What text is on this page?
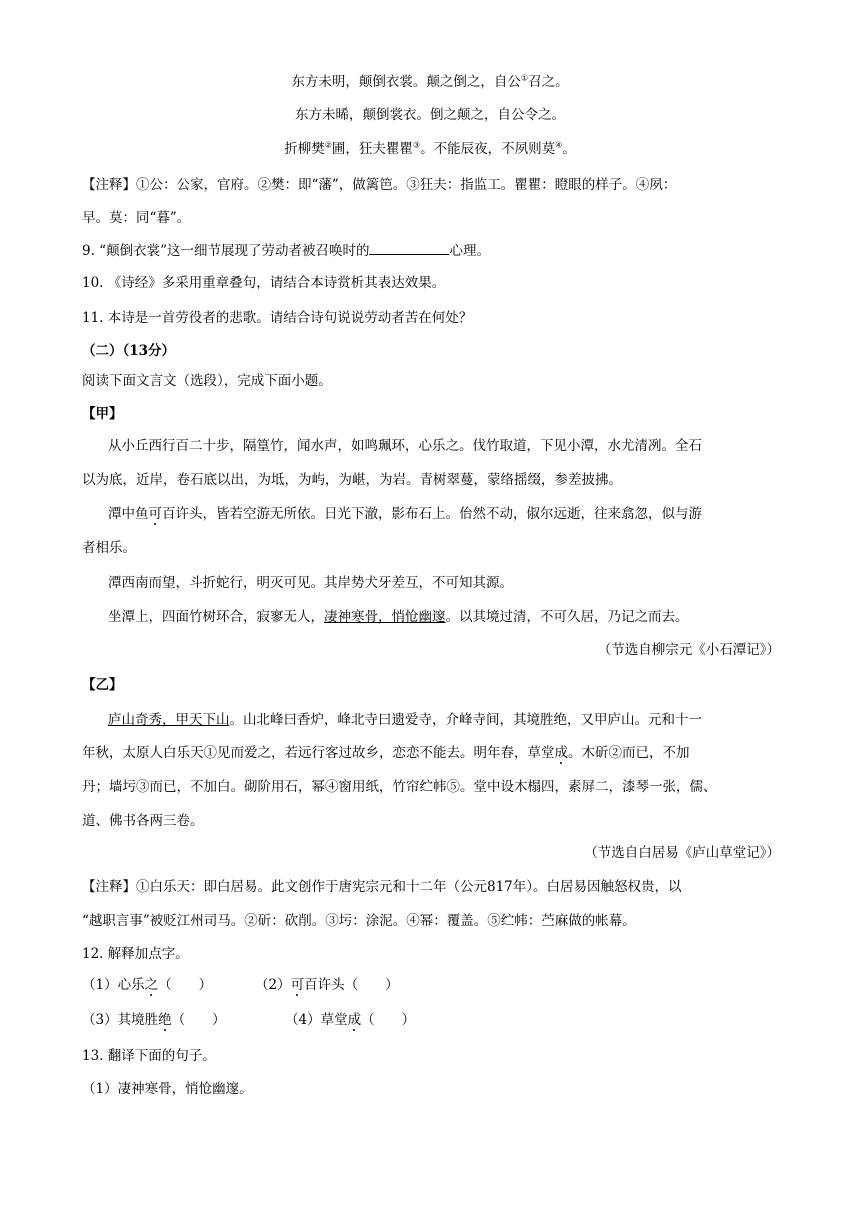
东方未明，颠倒衣裳。颠之倒之，自公①召之。
东方未晞，颠倒裳衣。倒之颠之，自公令之。
折柳樊②圃，狂夫瞿瞿③。不能辰夜，不夙则莫④。
【注释】①公：公家，官府。②樊：即“藩”，做篱笆。③狂夫：指监工。瞿瞿：瞪眼的样子。④夙：
早。莫：同“暮”。
9. “颠倒衣裳”这一细节展现了劳动者被召唤时的	心理。
10. 《诗经》多采用重章叠句，请结合本诗赏析其表达效果。
11. 本诗是一首劳役者的悲歌。请结合诗句说说劳动者苦在何处？
（二）（13分）
阅读下面文言文（选段），完成下面小题。
【甲】
从小丘西行百二十步，隔篁竹，闻水声，如鸣珮环，心乐之。伐竹取道，下见小潭，水尤清冽。全石
以为底，近岸，卷石底以出，为坻，为屿，为嵁，为岩。青树翠蔓，蒙络摇缀，参差披拂。
潭中鱼可百许头，皆若空游无所依。日光下澈，影布石上。佁然不动，俶尔远逝，往来翕忽，似与游
者相乐。
潭西南而望，斗折蛇行，明灭可见。其岸势犬牙差互，不可知其源。
坐潭上，四面竹树环合，寂寥无人，凄神寒骨，悄怆幽邃。以其境过清，不可久居，乃记之而去。
（节选自柳宗元《小石潭记》）
【乙】
庐山奇秀，甲天下山。山北峰曰香炉，峰北寺曰遗爱寺，介峰寺间，其境胜绝，又甲庐山。元和十一
年秋，太原人白乐天①见而爱之，若远行客过故乡，恋恋不能去。明年春，草堂成。木斫②而已，不加
丹；墙圬③而已，不加白。砌阶用石，幂④窗用纸，竹帘纻帏⑤。堂中设木榻四，素屏二，漆琴一张，儒、
道、佛书各两三卷。
（节选自白居易《庐山草堂记》）
【注释】①白乐天：即白居易。此文创作于唐宪宗元和十二年（公元817年）。白居易因触怒权贵，以
“越职言事”被贬江州司马。②斫：砍削。③圬：涂泥。④幂：覆盖。⑤纻帏：苎麻做的帐幕。
12. 解释加点字。
（1）心乐之（　　）	（2）可百许头（　　）
（3）其境胜绝（　　）	（4）草堂成（　　）
13. 翻译下面的句子。
（1）凄神寒骨，悄怆幽邃。
